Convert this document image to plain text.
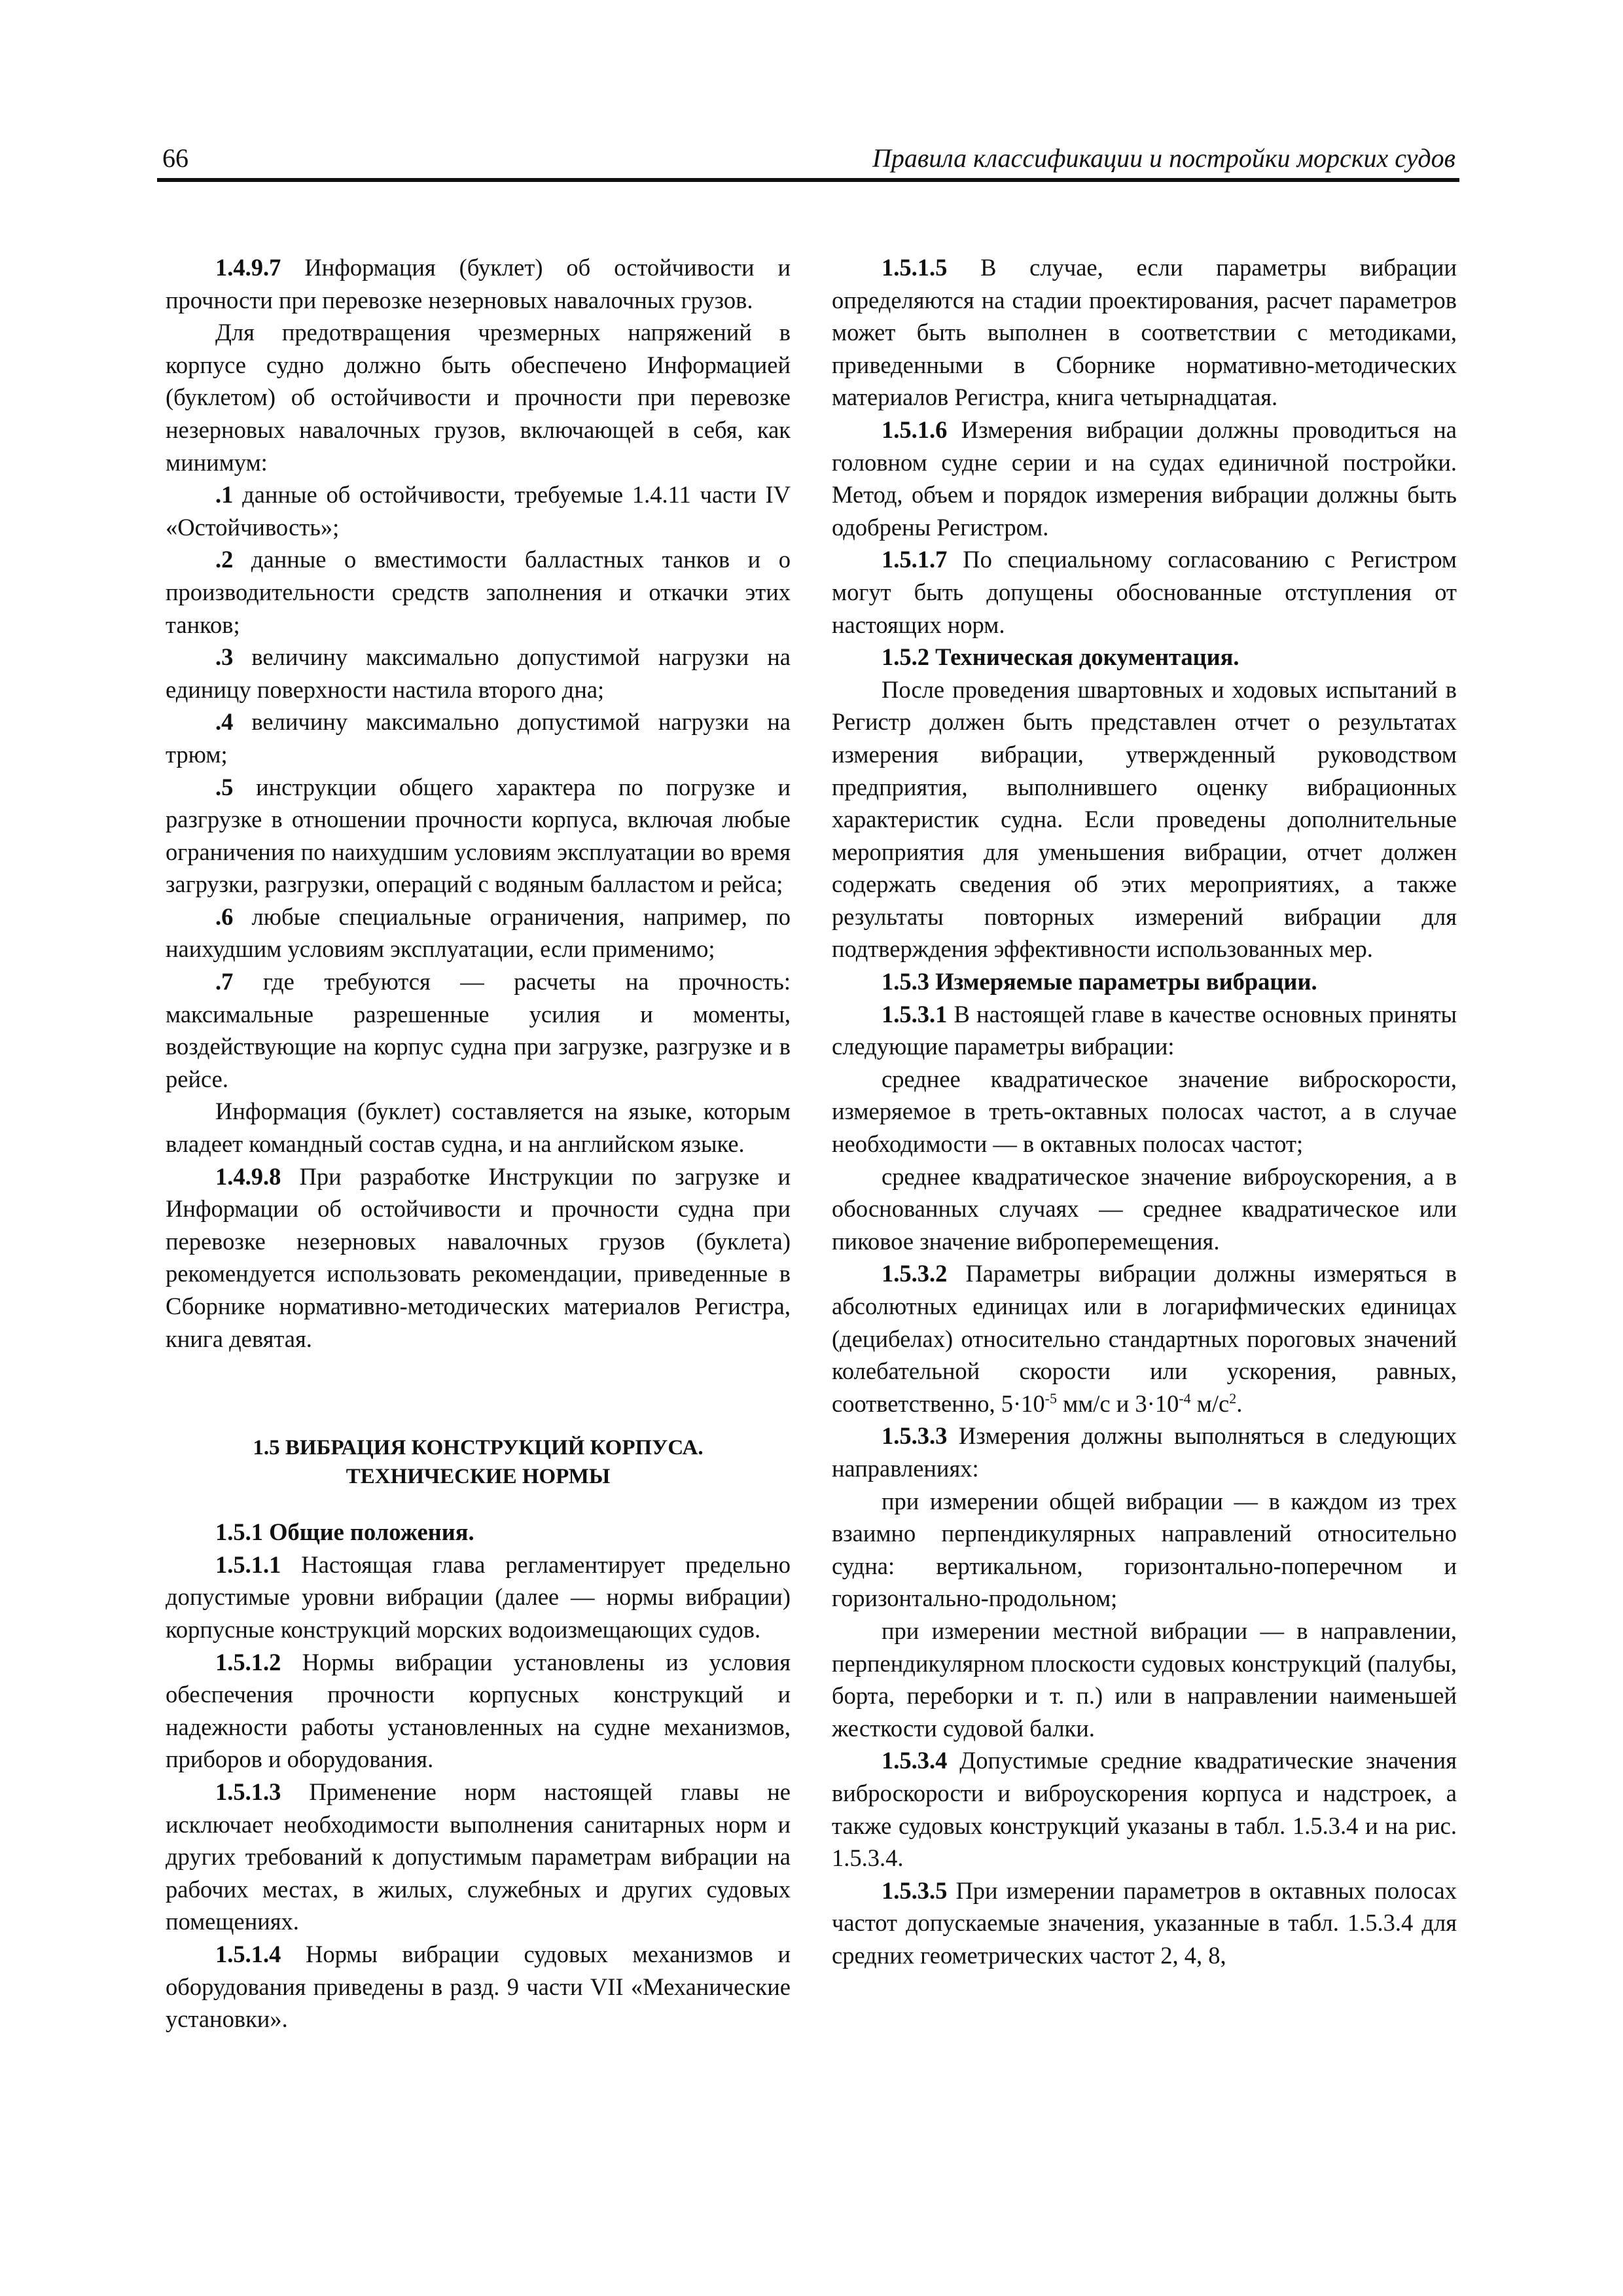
66	Правила классификации и постройки морских судов

1.4.9.7 Информация (буклет) об остойчивости и прочности при перевозке незерновых навалочных грузов.

Для предотвращения чрезмерных напряжений в корпусе судно должно быть обеспечено Информацией (буклетом) об остойчивости и прочности при перевозке незерновых навалочных грузов, включающей в себя, как минимум:

.1 данные об остойчивости, требуемые 1.4.11 части IV «Остойчивость»;

.2 данные о вместимости балластных танков и о производительности средств заполнения и откачки этих танков;

.3 величину максимально допустимой нагрузки на единицу поверхности настила второго дна;

.4 величину максимально допустимой нагрузки на трюм;

.5 инструкции общего характера по погрузке и разгрузке в отношении прочности корпуса, включая любые ограничения по наихудшим условиям эксплуатации во время загрузки, разгрузки, операций с водяным балластом и рейса;

.6 любые специальные ограничения, например, по наихудшим условиям эксплуатации, если применимо;

.7 где требуются — расчеты на прочность: максимальные разрешенные усилия и моменты, воздействующие на корпус судна при загрузке, разгрузке и в рейсе.

Информация (буклет) составляется на языке, которым владеет командный состав судна, и на английском языке.

1.4.9.8 При разработке Инструкции по загрузке и Информации об остойчивости и прочности судна при перевозке незерновых навалочных грузов (буклета) рекомендуется использовать рекомендации, приведенные в Сборнике нормативно-методических материалов Регистра, книга девятая.

1.5 ВИБРАЦИЯ КОНСТРУКЦИЙ КОРПУСА.
ТЕХНИЧЕСКИЕ НОРМЫ

1.5.1 Общие положения.

1.5.1.1 Настоящая глава регламентирует предельно допустимые уровни вибрации (далее — нормы вибрации) корпусные конструкций морских водоизмещающих судов.

1.5.1.2 Нормы вибрации установлены из условия обеспечения прочности корпусных конструкций и надежности работы установленных на судне механизмов, приборов и оборудования.

1.5.1.3 Применение норм настоящей главы не исключает необходимости выполнения санитарных норм и других требований к допустимым параметрам вибрации на рабочих местах, в жилых, служебных и других судовых помещениях.

1.5.1.4 Нормы вибрации судовых механизмов и оборудования приведены в разд. 9 части VII «Механические установки».

1.5.1.5 В случае, если параметры вибрации определяются на стадии проектирования, расчет параметров может быть выполнен в соответствии с методиками, приведенными в Сборнике нормативно-методических материалов Регистра, книга четырнадцатая.

1.5.1.6 Измерения вибрации должны проводиться на головном судне серии и на судах единичной постройки. Метод, объем и порядок измерения вибрации должны быть одобрены Регистром.

1.5.1.7 По специальному согласованию с Регистром могут быть допущены обоснованные отступления от настоящих норм.

1.5.2 Техническая документация.

После проведения швартовных и ходовых испытаний в Регистр должен быть представлен отчет о результатах измерения вибрации, утвержденный руководством предприятия, выполнившего оценку вибрационных характеристик судна. Если проведены дополнительные мероприятия для уменьшения вибрации, отчет должен содержать сведения об этих мероприятиях, а также результаты повторных измерений вибрации для подтверждения эффективности использованных мер.

1.5.3 Измеряемые параметры вибрации.

1.5.3.1 В настоящей главе в качестве основных приняты следующие параметры вибрации:

среднее квадратическое значение виброскорости, измеряемое в треть-октавных полосах частот, а в случае необходимости — в октавных полосах частот;

среднее квадратическое значение виброускорения, а в обоснованных случаях — среднее квадратическое или пиковое значение виброперемещения.

1.5.3.2 Параметры вибрации должны измеряться в абсолютных единицах или в логарифмических единицах (децибелах) относительно стандартных пороговых значений колебательной скорости или ускорения, равных, соответственно, $5\cdot 10^{-5}$ мм/с и $3\cdot 10^{-4}$ $м/с^2$.

1.5.3.3 Измерения должны выполняться в следующих направлениях:

при измерении общей вибрации — в каждом из трех взаимно перпендикулярных направлений относительно судна: вертикальном, горизонтально-поперечном и горизонтально-продольном;

при измерении местной вибрации — в направлении, перпендикулярном плоскости судовых конструкций (палубы, борта, переборки и т. п.) или в направлении наименьшей жесткости судовой балки.

1.5.3.4 Допустимые средние квадратические значения виброскорости и виброускорения корпуса и надстроек, а также судовых конструкций указаны в табл. 1.5.3.4 и на рис. 1.5.3.4.

1.5.3.5 При измерении параметров в октавных полосах частот допускаемые значения, указанные в табл. 1.5.3.4 для средних геометрических частот 2, 4, 8,
